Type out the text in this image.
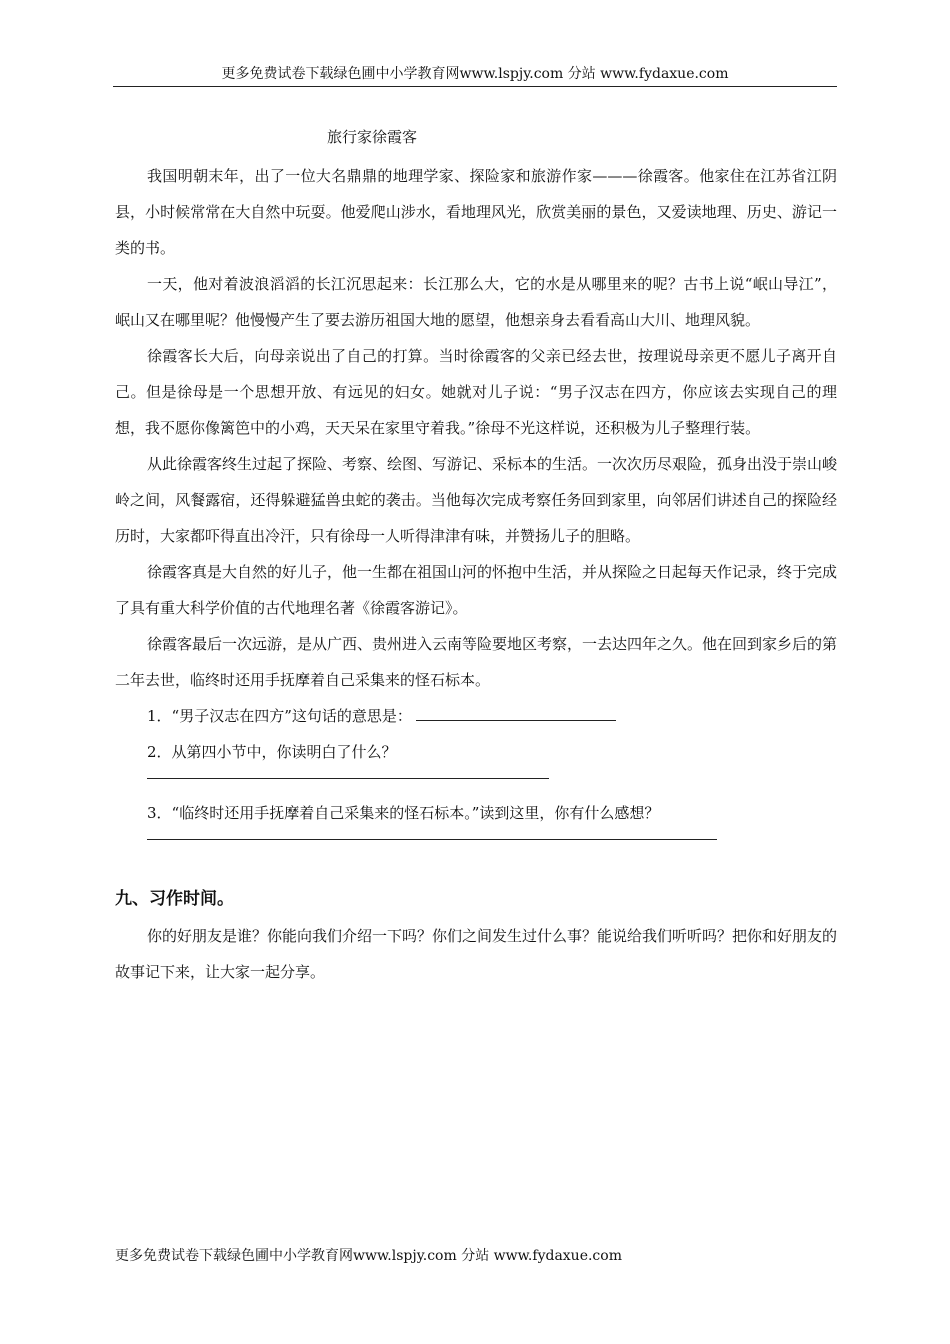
更多免费试卷下载绿色圃中小学教育网www.lspjy.com 分站 www.fydaxue.com
旅行家徐霞客

我国明朝末年，出了一位大名鼎鼎的地理学家、探险家和旅游作家———徐霞客。他家住在江苏省江阴县，小时候常常在大自然中玩耍。他爱爬山涉水，看地理风光，欣赏美丽的景色，又爱读地理、历史、游记一类的书。

一天，他对着波浪滔滔的长江沉思起来：长江那么大，它的水是从哪里来的呢？古书上说“岷山导江”，岷山又在哪里呢？他慢慢产生了要去游历祖国大地的愿望，他想亲身去看看高山大川、地理风貌。

徐霞客长大后，向母亲说出了自己的打算。当时徐霞客的父亲已经去世，按理说母亲更不愿儿子离开自己。但是徐母是一个思想开放、有远见的妇女。她就对儿子说：“男子汉志在四方，你应该去实现自己的理想，我不愿你像篱笆中的小鸡，天天呆在家里守着我。”徐母不光这样说，还积极为儿子整理行装。

从此徐霞客终生过起了探险、考察、绘图、写游记、采标本的生活。一次次历尽艰险，孤身出没于崇山峻岭之间，风餐露宿，还得躲避猛兽虫蛇的袭击。当他每次完成考察任务回到家里，向邻居们讲述自己的探险经历时，大家都吓得直出冷汗，只有徐母一人听得津津有味，并赞扬儿子的胆略。

徐霞客真是大自然的好儿子，他一生都在祖国山河的怀抱中生活，并从探险之日起每天作记录，终于完成了具有重大科学价值的古代地理名著《徐霞客游记》。

徐霞客最后一次远游，是从广西、贵州进入云南等险要地区考察，一去达四年之久。他在回到家乡后的第二年去世，临终时还用手抚摩着自己采集来的怪石标本。

1．“男子汉志在四方”这句话的意思是：

2．从第四小节中，你读明白了什么？

3．“临终时还用手抚摩着自己采集来的怪石标本。”读到这里，你有什么感想？

九、习作时间。

你的好朋友是谁？你能向我们介绍一下吗？你们之间发生过什么事？能说给我们听听吗？把你和好朋友的故事记下来，让大家一起分享。

更多免费试卷下载绿色圃中小学教育网www.lspjy.com 分站 www.fydaxue.com
